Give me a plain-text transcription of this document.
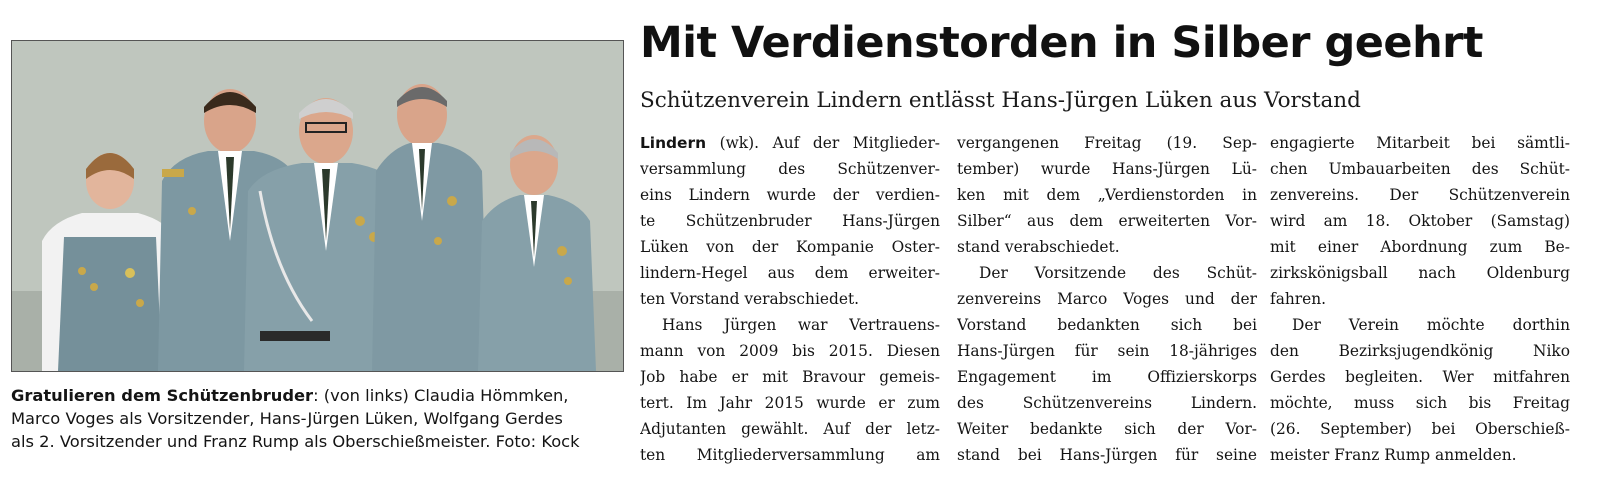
Gratulieren dem Schützenbruder: (von links) Claudia Hömmken,
Marco Voges als Vorsitzender, Hans-Jürgen Lüken, Wolfgang Gerdes
als 2. Vorsitzender und Franz Rump als Oberschießmeister. Foto: Kock
Mit Verdienstorden in Silber geehrt
Schützenverein Lindern entlässt Hans-Jürgen Lüken aus Vorstand
Lindern (wk). Auf der Mitglieder-
versammlung des Schützenver-
eins Lindern wurde der verdien-
te Schützenbruder Hans-Jürgen
Lüken von der Kompanie Oster-
lindern-Hegel aus dem erweiter-
ten Vorstand verabschiedet.
Hans Jürgen war Vertrauens-
mann von 2009 bis 2015. Diesen
Job habe er mit Bravour gemeis-
tert. Im Jahr 2015 wurde er zum
Adjutanten gewählt. Auf der letz-
ten Mitgliederversammlung am
vergangenen Freitag (19. Sep-
tember) wurde Hans-Jürgen Lü-
ken mit dem „Verdienstorden in
Silber“ aus dem erweiterten Vor-
stand verabschiedet.
Der Vorsitzende des Schüt-
zenvereins Marco Voges und der
Vorstand bedankten sich bei
Hans-Jürgen für sein 18-jähriges
Engagement im Offizierskorps
des Schützenvereins Lindern.
Weiter bedankte sich der Vor-
stand bei Hans-Jürgen für seine
engagierte Mitarbeit bei sämtli-
chen Umbauarbeiten des Schüt-
zenvereins. Der Schützenverein
wird am 18. Oktober (Samstag)
mit einer Abordnung zum Be-
zirkskönigsball nach Oldenburg
fahren.
Der Verein möchte dorthin
den Bezirksjugendkönig Niko
Gerdes begleiten. Wer mitfahren
möchte, muss sich bis Freitag
(26. September) bei Oberschieß-
meister Franz Rump anmelden.
